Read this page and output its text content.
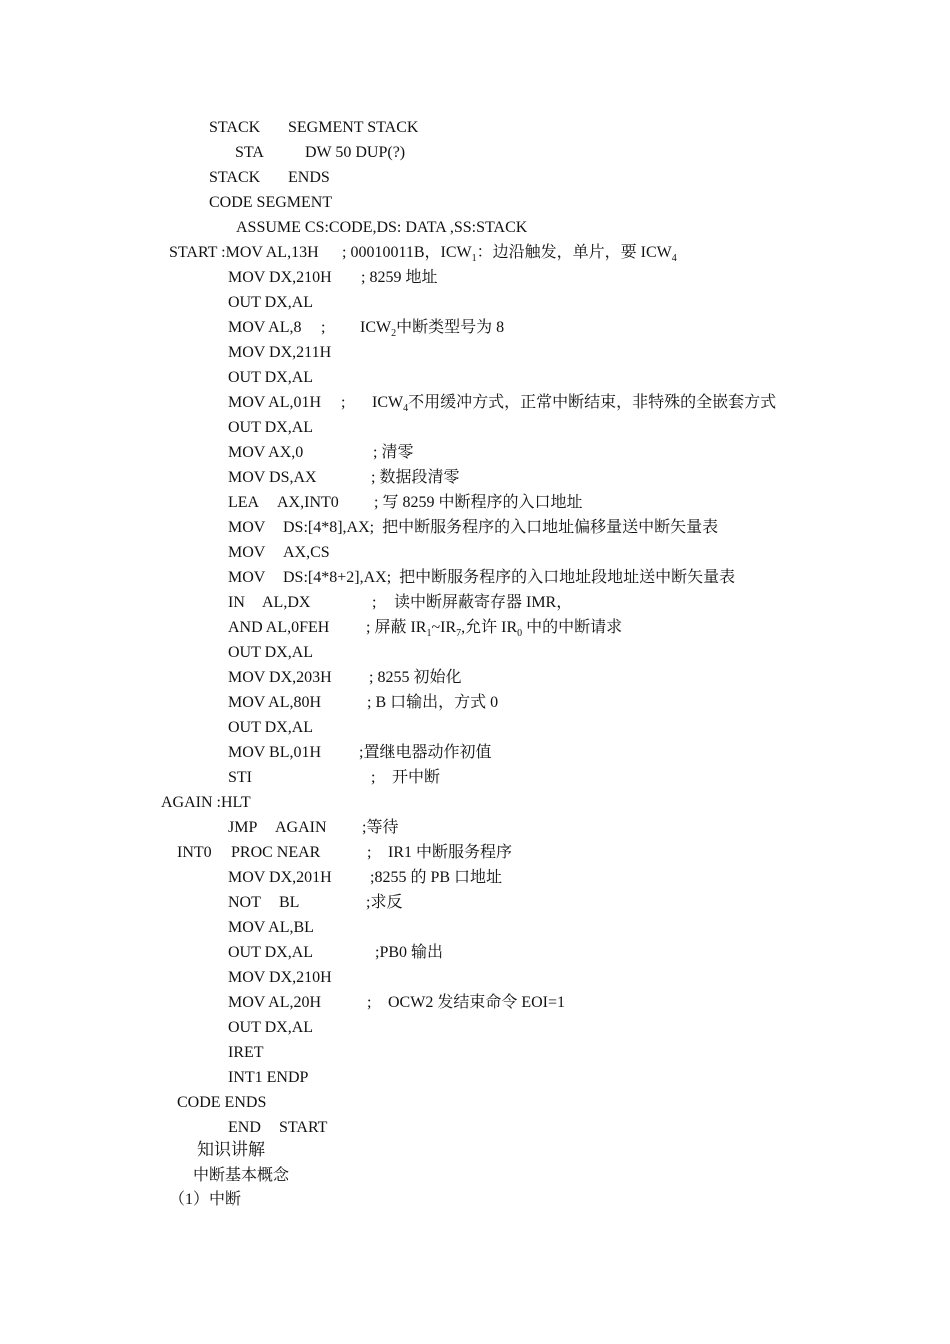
STACK SEGMENT STACK
STA	DW 50 DUP(?)
STACK ENDS
CODE SEGMENT
ASSUME CS:CODE,DS: DATA ,SS:STACK
START :MOV AL,13H ; 00010011B，$ICW_1$：边沿触发，单片，要 $ICW_4$
MOV DX,210H ; 8259 地址
OUT DX,AL
MOV AL,8 ; $ICW_2$中断类型号为 8
MOV DX,211H
OUT DX,AL
MOV AL,01H ; $ICW_4$不用缓冲方式，正常中断结束，非特殊的全嵌套方式
OUT DX,AL
MOV AX,0	; 清零
MOV DS,AX	; 数据段清零
LEA AX,INT0 ; 写 8259 中断程序的入口地址
MOV DS:[4*8],AX;  把中断服务程序的入口地址偏移量送中断矢量表
MOV AX,CS
MOV DS:[4*8+2],AX;  把中断服务程序的入口地址段地址送中断矢量表
IN AL,DX	; 读中断屏蔽寄存器 IMR，
AND AL,0FEH ; 屏蔽 $IR_1\sim IR_7$,允许 $IR_0$ 中的中断请求
OUT DX,AL
MOV DX,203H ; 8255 初始化
MOV AL,80H	; B 口输出，方式 0
OUT DX,AL
MOV BL,01H ;置继电器动作初值
STI	; 开中断
AGAIN :HLT
JMP AGAIN ;等待
INT0 PROC NEAR	; IR1 中断服务程序
MOV DX,201H ;8255 的 PB 口地址
NOT BL	;求反
MOV AL,BL
OUT DX,AL	;PB0 输出
MOV DX,210H
MOV AL,20H	; OCW2 发结束命令 EOI=1
OUT DX,AL
IRET
INT1 ENDP
CODE ENDS
END START
知识讲解
中断基本概念
（1）中断
